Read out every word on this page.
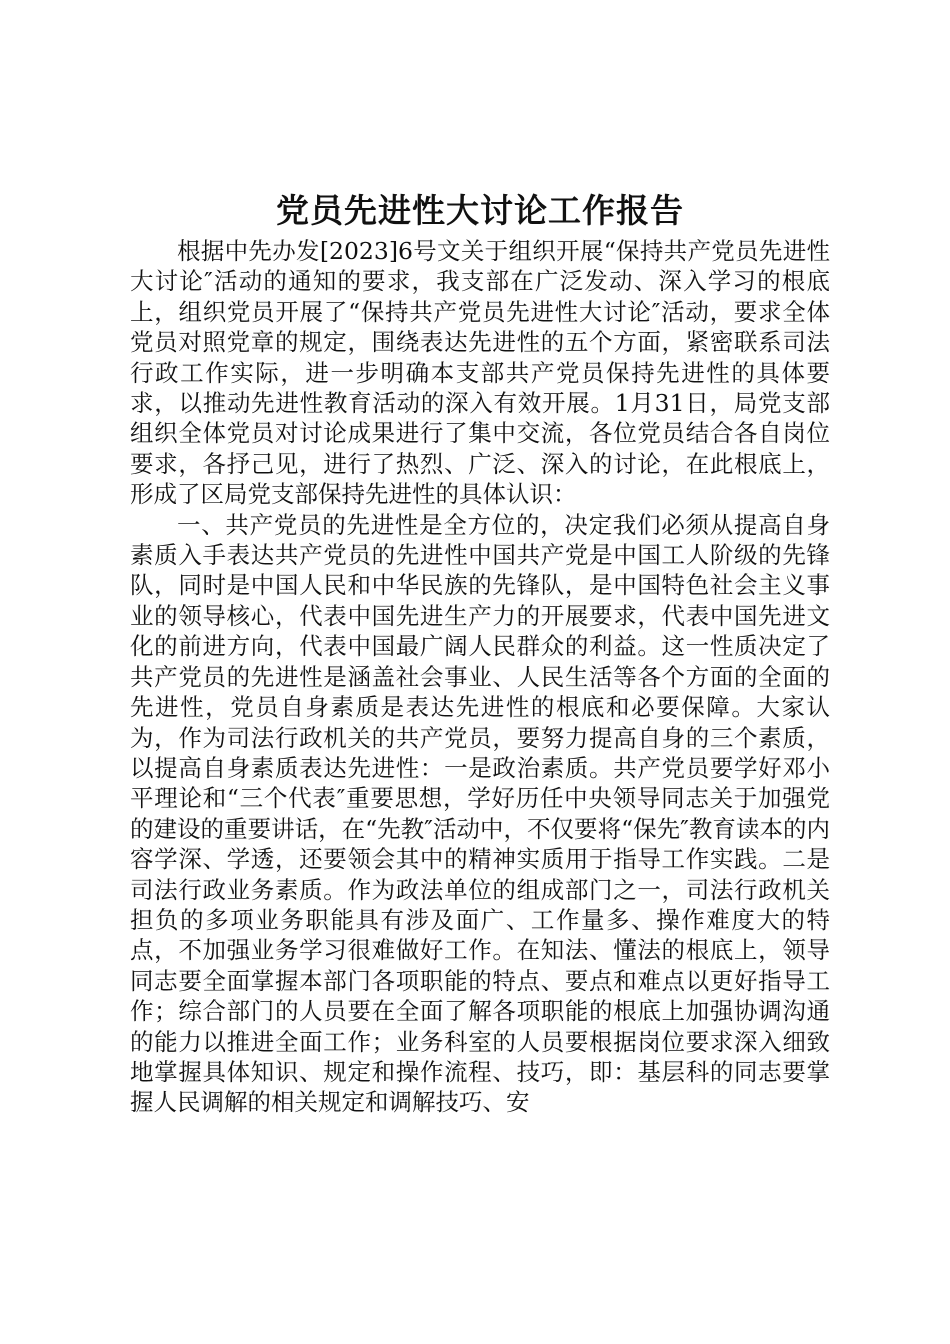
党员先进性大讨论工作报告

根据中先办发[2023]6号文关于组织开展“保持共产党员先进性大讨论″活动的通知的要求，我支部在广泛发动、深入学习的根底上，组织党员开展了“保持共产党员先进性大讨论″活动，要求全体党员对照党章的规定，围绕表达先进性的五个方面，紧密联系司法行政工作实际，进一步明确本支部共产党员保持先进性的具体要求，以推动先进性教育活动的深入有效开展。1月31日，局党支部组织全体党员对讨论成果进行了集中交流，各位党员结合各自岗位要求，各抒己见，进行了热烈、广泛、深入的讨论，在此根底上，形成了区局党支部保持先进性的具体认识：

一、共产党员的先进性是全方位的，决定我们必须从提高自身素质入手表达共产党员的先进性中国共产党是中国工人阶级的先锋队，同时是中国人民和中华民族的先锋队，是中国特色社会主义事业的领导核心，代表中国先进生产力的开展要求，代表中国先进文化的前进方向，代表中国最广阔人民群众的利益。这一性质决定了共产党员的先进性是涵盖社会事业、人民生活等各个方面的全面的先进性，党员自身素质是表达先进性的根底和必要保障。大家认为，作为司法行政机关的共产党员，要努力提高自身的三个素质，以提高自身素质表达先进性：一是政治素质。共产党员要学好邓小平理论和“三个代表″重要思想，学好历任中央领导同志关于加强党的建设的重要讲话，在“先教″活动中，不仅要将“保先″教育读本的内容学深、学透，还要领会其中的精神实质用于指导工作实践。二是司法行政业务素质。作为政法单位的组成部门之一，司法行政机关担负的多项业务职能具有涉及面广、工作量多、操作难度大的特点，不加强业务学习很难做好工作。在知法、懂法的根底上，领导同志要全面掌握本部门各项职能的特点、要点和难点以更好指导工作；综合部门的人员要在全面了解各项职能的根底上加强协调沟通的能力以推进全面工作；业务科室的人员要根据岗位要求深入细致地掌握具体知识、规定和操作流程、技巧，即：基层科的同志要掌握人民调解的相关规定和调解技巧、安
